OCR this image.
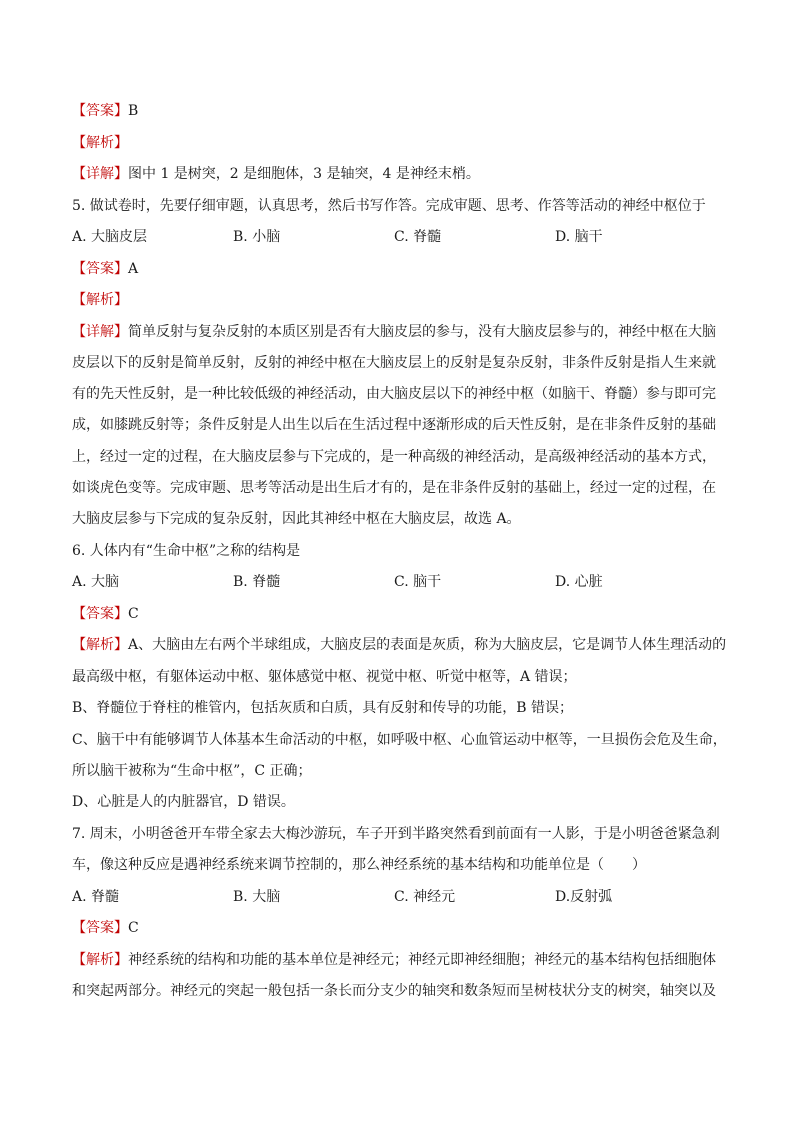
【答案】B
【解析】
【详解】图中 1 是树突，2 是细胞体，3 是轴突，4 是神经末梢。
5. 做试卷时，先要仔细审题，认真思考，然后书写作答。完成审题、思考、作答等活动的神经中枢位于
A. 大脑皮层	B. 小脑	C. 脊髓	D. 脑干
【答案】A
【解析】
【详解】简单反射与复杂反射的本质区别是否有大脑皮层的参与，没有大脑皮层参与的，神经中枢在大脑
皮层以下的反射是简单反射，反射的神经中枢在大脑皮层上的反射是复杂反射，非条件反射是指人生来就
有的先天性反射，是一种比较低级的神经活动，由大脑皮层以下的神经中枢（如脑干、脊髓）参与即可完
成，如膝跳反射等；条件反射是人出生以后在生活过程中逐渐形成的后天性反射，是在非条件反射的基础
上，经过一定的过程，在大脑皮层参与下完成的，是一种高级的神经活动，是高级神经活动的基本方式，
如谈虎色变等。完成审题、思考等活动是出生后才有的，是在非条件反射的基础上，经过一定的过程，在
大脑皮层参与下完成的复杂反射，因此其神经中枢在大脑皮层，故选 A。
6. 人体内有“生命中枢”之称的结构是
A. 大脑	B. 脊髓	C. 脑干	D. 心脏
【答案】C
【解析】A、大脑由左右两个半球组成，大脑皮层的表面是灰质，称为大脑皮层，它是调节人体生理活动的
最高级中枢，有躯体运动中枢、躯体感觉中枢、视觉中枢、听觉中枢等，A 错误；
B、脊髓位于脊柱的椎管内，包括灰质和白质，具有反射和传导的功能，B 错误；
C、脑干中有能够调节人体基本生命活动的中枢，如呼吸中枢、心血管运动中枢等，一旦损伤会危及生命，
所以脑干被称为“生命中枢”，C 正确；
D、心脏是人的内脏器官，D 错误。
7. 周末，小明爸爸开车带全家去大梅沙游玩，车子开到半路突然看到前面有一人影，于是小明爸爸紧急刹
车，像这种反应是遇神经系统来调节控制的，那么神经系统的基本结构和功能单位是（　　）
A. 脊髓	B. 大脑	C. 神经元	D.反射弧
【答案】C
【解析】神经系统的结构和功能的基本单位是神经元；神经元即神经细胞；神经元的基本结构包括细胞体
和突起两部分。神经元的突起一般包括一条长而分支少的轴突和数条短而呈树枝状分支的树突，轴突以及
